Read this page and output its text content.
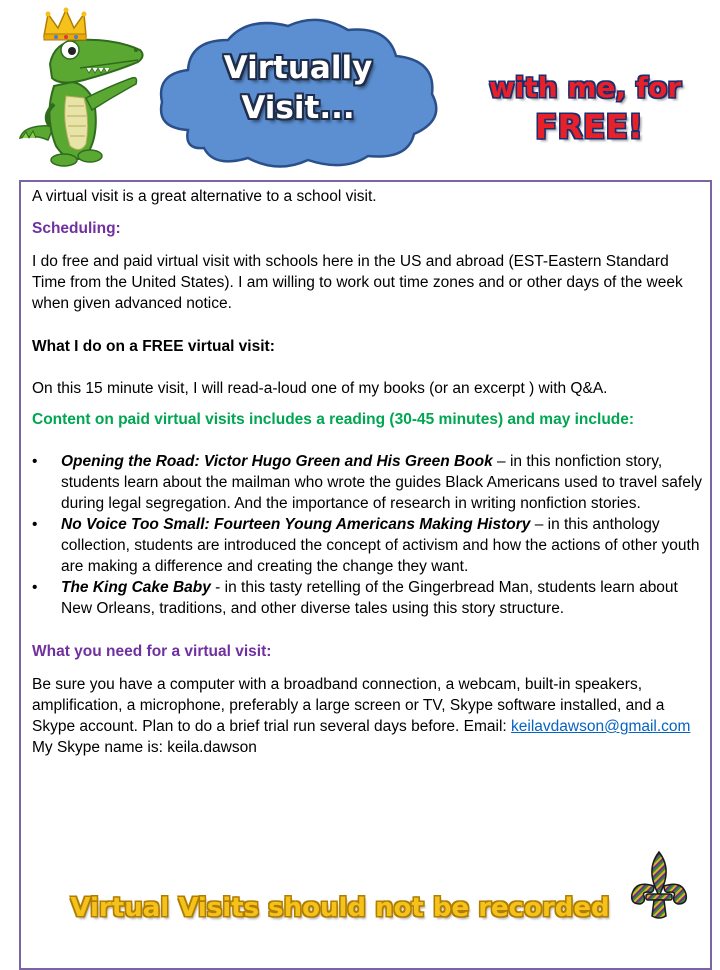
Virtually
Visit...
with me, for
FREE!

A virtual visit is a great alternative to a school visit.

Scheduling:

I do free and paid virtual visit with schools here in the US and abroad (EST-Eastern Standard Time from the United States). I am willing to work out time zones and or other days of the week when given advanced notice.

What I do on a FREE virtual visit:

On this 15 minute visit, I will read-a-loud one of my books (or an excerpt ) with Q&A.

Content on paid virtual visits includes a reading (30-45 minutes) and may include:

• Opening the Road: Victor Hugo Green and His Green Book – in this nonfiction story, students learn about the mailman who wrote the guides Black Americans used to travel safely during legal segregation. And the importance of research in writing nonfiction stories.
• No Voice Too Small: Fourteen Young Americans Making History – in this anthology collection, students are introduced the concept of activism and how the actions of other youth are making a difference and creating the change they want.
• The King Cake Baby - in this tasty retelling of the Gingerbread Man, students learn about New Orleans, traditions, and other diverse tales using this story structure.

What you need for a virtual visit:

Be sure you have a computer with a broadband connection, a webcam, built-in speakers, amplification, a microphone, preferably a large screen or TV, Skype software installed, and a Skype account. Plan to do a brief trial run several days before. Email: keilavdawson@gmail.com My Skype name is: keila.dawson

Virtual Visits should not be recorded
